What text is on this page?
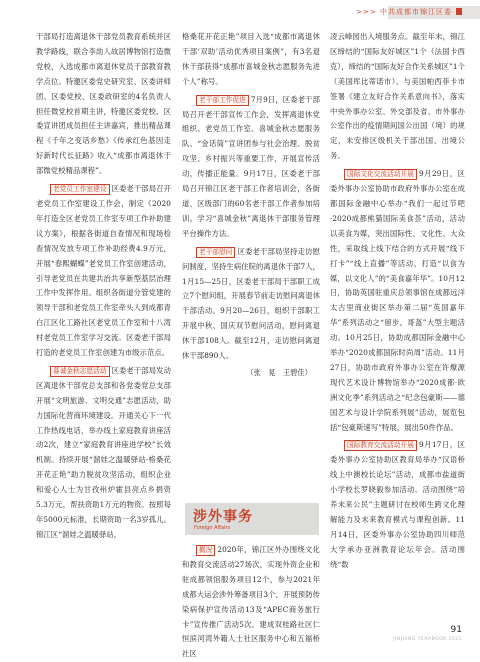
>>> 中共成都市锦江区委

干部局打造离退休干部党员教育系统并区教学路线，联合李劼人故居博物馆打造微党校，入选成都市离退休党员干部教育教学点位。特邀区委党史研究室、区委讲师团、区委党校、区委政研室的4名负责人担任微党校首期主讲，特邀区委党校、区委宣讲团成员担任主讲嘉宾，推出精品课程《千年之变话乡愁》《传承红色基因走好新时代长征路》收入“成都市离退休干部微党校精品课程”。

老党员工作室建设 区委老干部局召开老党员工作室建设工作会，制定《2020年打造全区老党员工作室专项工作补助建议方案》，根据各街道自查情况和现场检查情况发放专项工作补助经费4.9万元，开展“春熙蝴蝶”老党员工作室创建活动，引导老党员在共建共治共享新型基层治理工作中发挥作用。组织各街道分管党建的领导干部和老党员工作室牵头人到成都青白江区化工路社区老党员工作室和十八湾村老党员工作室学习交流。区委老干部局打造的老党员工作室创建为市级示范点。

暮诚金秋志愿活动 区委老干部局发动区离退休干部党总支部和各党委党总支部开展“文明旅游、文明交通”志愿活动，助力国际化营商环境建设。开通关心下一代工作热线电话，举办线上家庭教育讲座活动2次，建立“家庭教育讲座进学校”长效机制。持续开展“溜娃之温暖驿站·格桑花开花正艳”助力脱贫攻坚活动，组织企业和爱心人士为甘孜州炉霍县亮点乡捐资5.3万元，帮扶资助1万元的物资。按照每年5000元标准，长期资助一名3岁孤儿。锦江区“溜娃之温暖驿站，

格桑花开花正艳”项目入选“成都市离退休干部‘双助’活动优秀项目案例”，有3名退休干部获得“成都市喜城金秋志愿服务先进个人”称号。

老干部工作促进 7月9日，区委老干部局召开老干部宣传工作会，发挥离退休党组织、老党员工作室、喜城金秋志愿服务队、“金话筒”宣讲团参与社会治理、脱贫攻坚、乡村振兴等重要工作，开展宣传活动，传播正能量。9月17日，区委老干部局召开锦江区老干部工作者培训会，各街道、区级部门的60名老干部工作者参加培训。学习“喜城金秋”离退休干部服务管理平台操作方法。

老干部慰问 区委老干部局坚持走访慰问制度，坚持生病住院的离退休干部7人，1月15—25日，区委老干部局干部职工成立7个慰问组，开展春节前走访慰问离退休干部活动。9月20—26日，组织干部职工开展中秋、国庆双节慰问活动，慰问离退休干部108人。截至12月，走访慰问离退休干部890人。

（张　晃　王碧佳）
涉外事务
Foreign Affairs

概况 2020年，锦江区外办围绕文化和教育交流活动27场次，实现外资企业和驻成都领馆服务项目12个，参与2021年成都大运会涉外筹备项目3个，开展预防传染病保护宣传活动13及“APEC商务旅行卡”宣传推广活动5次。建成双桂路社区仁恒滨河湾外籍人士社区服务中心和五福桥社区

凌云峰园出入境服务点。截至年末，锦江区缔结的“国际友好城区”1个（法国卡西克），缔结的“国际友好合作关系城区”1个（美国库比蒂诺市）。与美国帕西菲卡市签署《建立友好合作关系意向书》，落实中央外事办公室、外交部及省、市外事办公室作出的疫情期间国公出国（境）的规定，未安排区级机关干部出国、出境公务。

国际文化交流活动开展 9月29日，区委外事办公室协助市政府外事办公室在成都国际金融中心举办“我们一起过节吧·2020成都熊猫国际美食荟”活动，活动以美食为媒，突出国际性、文化性、大众性，采取线上线下结合的方式开展“线下打卡”“线上直播”等活动，打造“以食为媒，以文化人”的“美食嘉年华”。10月12日，协助英国驻重庆总领事馆在成都远洋太古里商业街区举办第二届“英国嘉年华”系列活动之“留步，哥盔”大型主题活动。10月25日，协助成都国际金融中心举办“2020成都国际时尚周”活动。11月27日，协助市政府外事办公室在许燎源现代艺术设计博物馆举办“2020成都·欧洲文化季”系列活动之“纪念包豪斯——德国艺术与设计学院系列展”活动，展览包括“包豪斯速写”特展，展出50件作品。

国际教育交流活动开展 9月17日，区委外事办公室协助区教育局举办“汉语桥线上中澳校长论坛”活动，成都市盐道街小学校长罗晓毅参加活动。活动围绕“培养未来公民”主题研讨在校师生跨文化理解能力及未来教育模式与课程创新。11月14日，区委外事办公室协助四川师范大学承办亚洲教育论坛年会。活动围绕“数

91
JINJIANG YEARBOOK 2021
